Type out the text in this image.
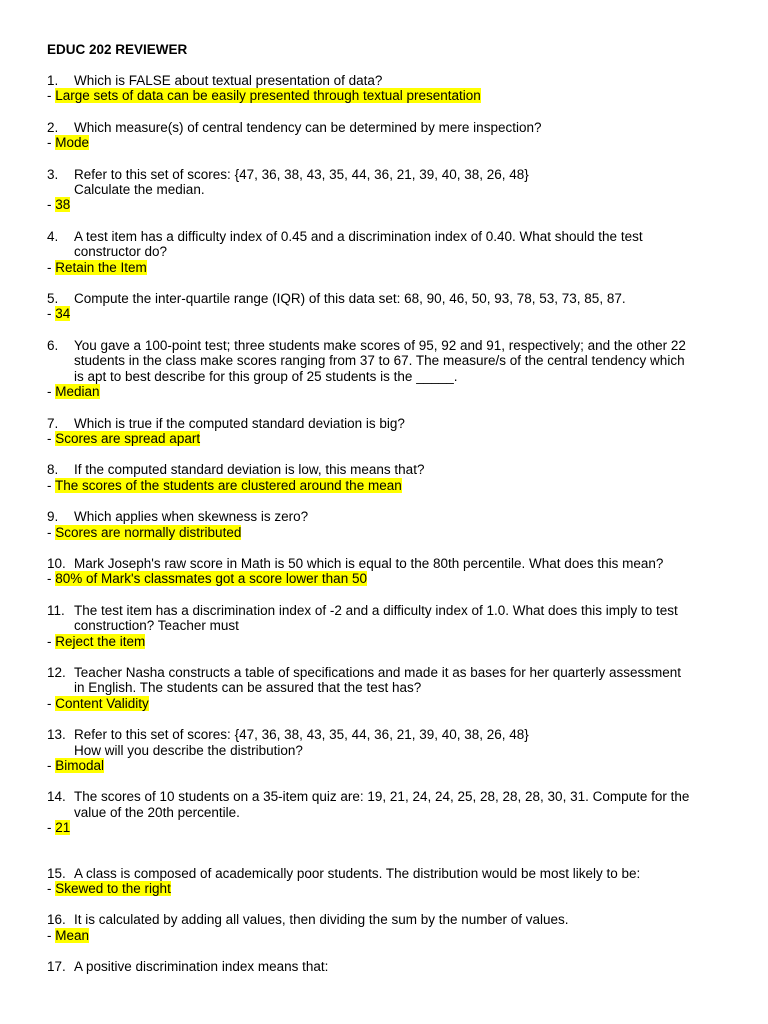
EDUC 202 REVIEWER
1.	Which is FALSE about textual presentation of data?
- Large sets of data can be easily presented through textual presentation
2.	Which measure(s) of central tendency can be determined by mere inspection?
- Mode
3.	Refer to this set of scores: {47, 36, 38, 43, 35, 44, 36, 21, 39, 40, 38, 26, 48}
Calculate the median.
- 38
4.	A test item has a difficulty index of 0.45 and a discrimination index of 0.40. What should the test
constructor do?
- Retain the Item
5.	Compute the inter-quartile range (IQR) of this data set: 68, 90, 46, 50, 93, 78, 53, 73, 85, 87.
- 34
6.	You gave a 100-point test; three students make scores of 95, 92 and 91, respectively; and the other 22
students in the class make scores ranging from 37 to 67. The measure/s of the central tendency which
is apt to best describe for this group of 25 students is the _____.
- Median
7.	Which is true if the computed standard deviation is big?
- Scores are spread apart
8.	If the computed standard deviation is low, this means that?
- The scores of the students are clustered around the mean
9.	Which applies when skewness is zero?
- Scores are normally distributed
10. Mark Joseph's raw score in Math is 50 which is equal to the 80th percentile. What does this mean?
- 80% of Mark's classmates got a score lower than 50
11. The test item has a discrimination index of -2 and a difficulty index of 1.0. What does this imply to test
construction? Teacher must
- Reject the item
12. Teacher Nasha constructs a table of specifications and made it as bases for her quarterly assessment
in English. The students can be assured that the test has?
- Content Validity
13. Refer to this set of scores: {47, 36, 38, 43, 35, 44, 36, 21, 39, 40, 38, 26, 48}
How will you describe the distribution?
- Bimodal
14. The scores of 10 students on a 35-item quiz are: 19, 21, 24, 24, 25, 28, 28, 28, 30, 31. Compute for the
value of the 20th percentile.
- 21
15. A class is composed of academically poor students. The distribution would be most likely to be:
- Skewed to the right
16. It is calculated by adding all values, then dividing the sum by the number of values.
- Mean
17. A positive discrimination index means that:
